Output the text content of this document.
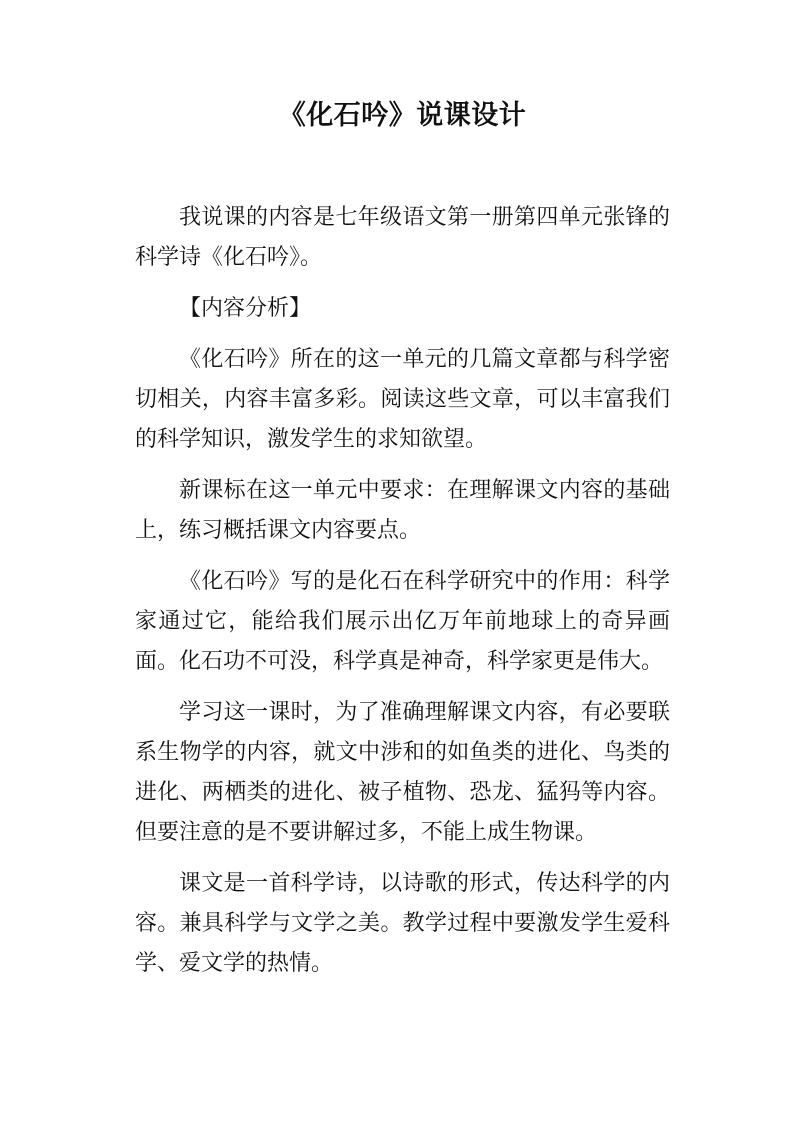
《化石吟》说课设计

我说课的内容是七年级语文第一册第四单元张锋的科学诗《化石吟》。

【内容分析】

《化石吟》所在的这一单元的几篇文章都与科学密切相关，内容丰富多彩。阅读这些文章，可以丰富我们的科学知识，激发学生的求知欲望。

新课标在这一单元中要求：在理解课文内容的基础上，练习概括课文内容要点。

《化石吟》写的是化石在科学研究中的作用：科学家通过它，能给我们展示出亿万年前地球上的奇异画面。化石功不可没，科学真是神奇，科学家更是伟大。

学习这一课时，为了准确理解课文内容，有必要联系生物学的内容，就文中涉和的如鱼类的进化、鸟类的进化、两栖类的进化、被子植物、恐龙、猛犸等内容。但要注意的是不要讲解过多，不能上成生物课。

课文是一首科学诗，以诗歌的形式，传达科学的内容。兼具科学与文学之美。教学过程中要激发学生爱科学、爱文学的热情。
